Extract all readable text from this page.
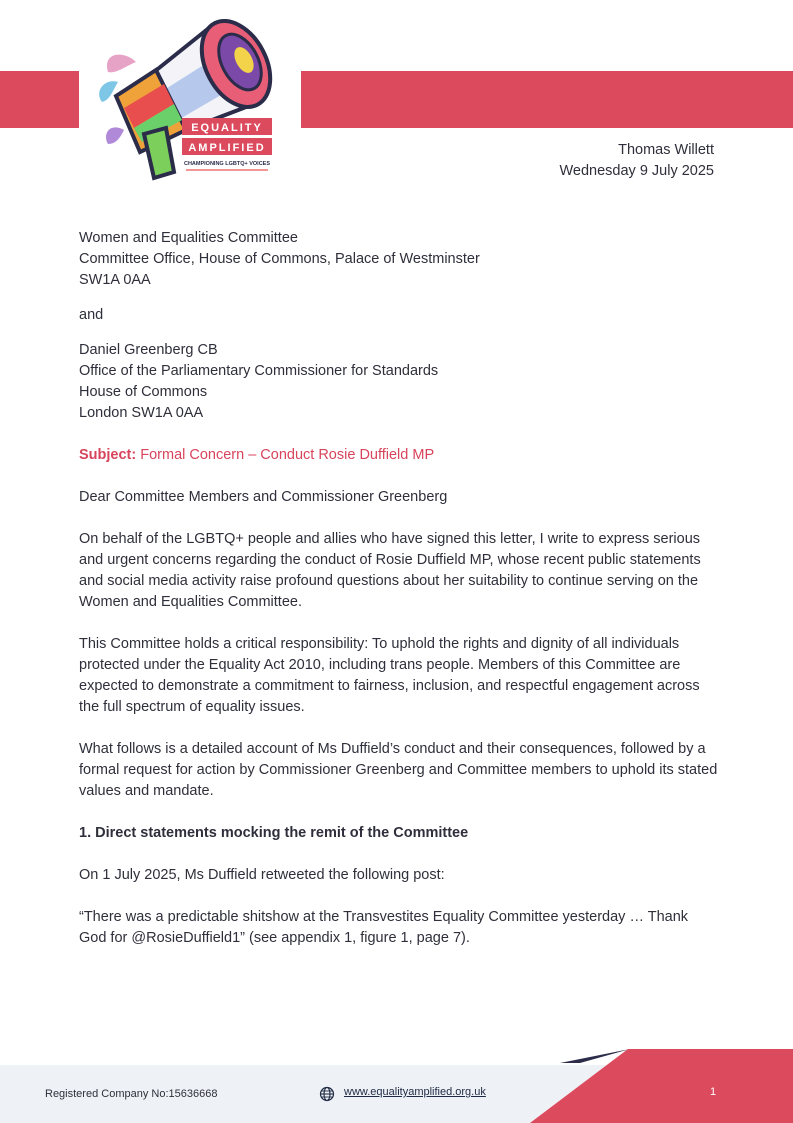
EQUALITY
AMPLIFIED
CHAMPIONING LGBTQ+ VOICES
Thomas Willett
Wednesday 9 July 2025
Women and Equalities Committee
Committee Office, House of Commons, Palace of Westminster
SW1A 0AA
and
Daniel Greenberg CB
Office of the Parliamentary Commissioner for Standards
House of Commons
London SW1A 0AA
Subject: Formal Concern – Conduct Rosie Duffield MP

Dear Committee Members and Commissioner Greenberg

On behalf of the LGBTQ+ people and allies who have signed this letter, I write to express serious and urgent concerns regarding the conduct of Rosie Duffield MP, whose recent public statements and social media activity raise profound questions about her suitability to continue serving on the Women and Equalities Committee.

This Committee holds a critical responsibility: To uphold the rights and dignity of all individuals protected under the Equality Act 2010, including trans people. Members of this Committee are expected to demonstrate a commitment to fairness, inclusion, and respectful engagement across the full spectrum of equality issues.

What follows is a detailed account of Ms Duffield’s conduct and their consequences, followed by a formal request for action by Commissioner Greenberg and Committee members to uphold its stated values and mandate.

1. Direct statements mocking the remit of the Committee

On 1 July 2025, Ms Duffield retweeted the following post:

“There was a predictable shitshow at the Transvestites Equality Committee yesterday … Thank God for @RosieDuffield1” (see appendix 1, figure 1, page 7).

Registered Company No:15636668	www.equalityamplified.org.uk	1
